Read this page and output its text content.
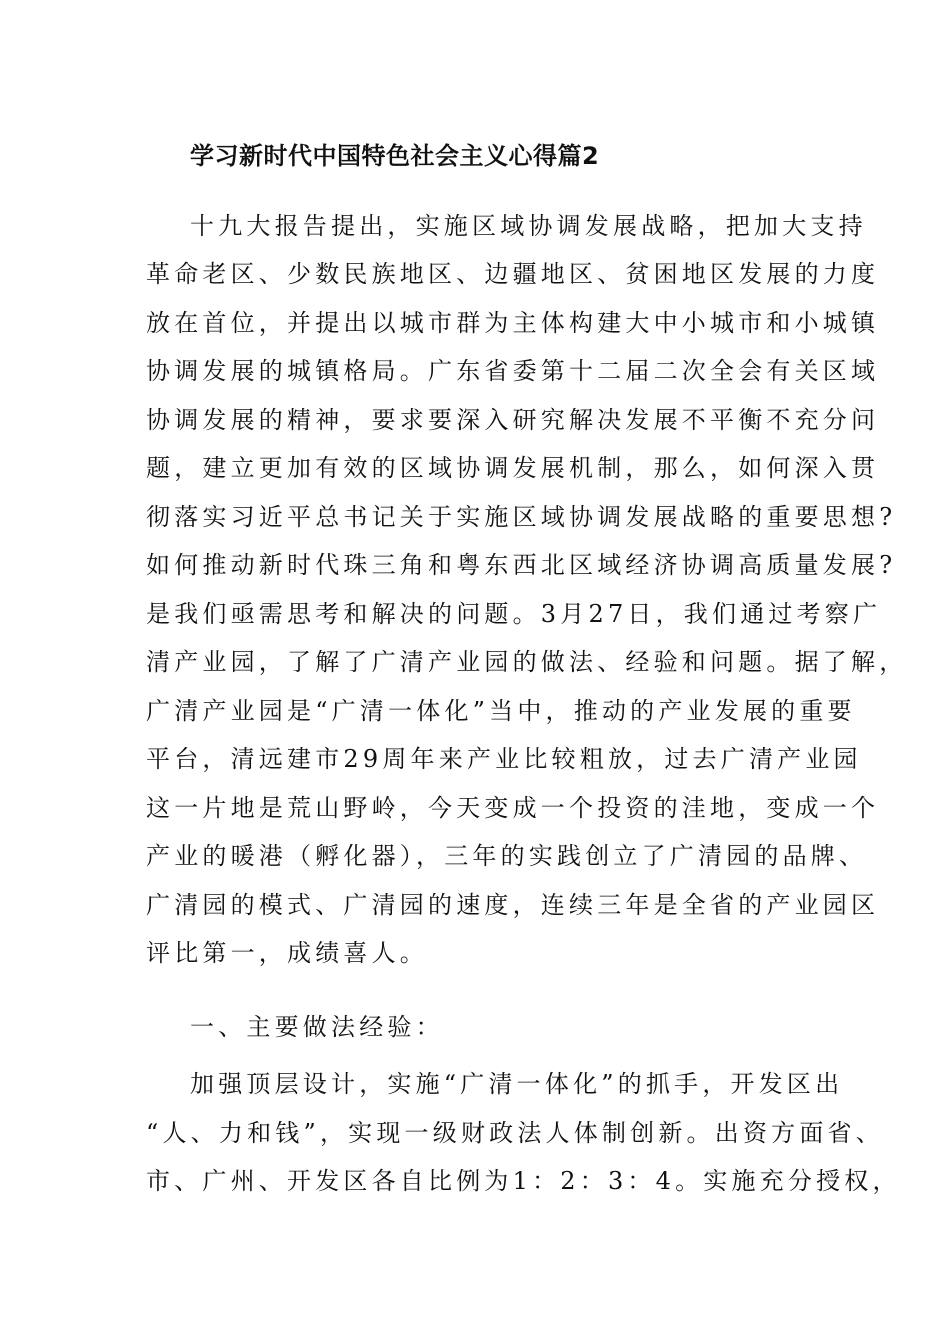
学习新时代中国特色社会主义心得篇2
十九大报告提出，实施区域协调发展战略，把加大支持
革命老区、少数民族地区、边疆地区、贫困地区发展的力度
放在首位，并提出以城市群为主体构建大中小城市和小城镇
协调发展的城镇格局。广东省委第十二届二次全会有关区域
协调发展的精神，要求要深入研究解决发展不平衡不充分问
题，建立更加有效的区域协调发展机制，那么，如何深入贯
彻落实习近平总书记关于实施区域协调发展战略的重要思想?
如何推动新时代珠三角和粤东西北区域经济协调高质量发展?
是我们亟需思考和解决的问题。3月27日，我们通过考察广
清产业园，了解了广清产业园的做法、经验和问题。据了解，
广清产业园是“广清一体化”当中，推动的产业发展的重要
平台，清远建市29周年来产业比较粗放，过去广清产业园
这一片地是荒山野岭，今天变成一个投资的洼地，变成一个
产业的暖港（孵化器），三年的实践创立了广清园的品牌、
广清园的模式、广清园的速度，连续三年是全省的产业园区
评比第一，成绩喜人。
一、主要做法经验：
加强顶层设计，实施“广清一体化”的抓手，开发区出
“人、力和钱”，实现一级财政法人体制创新。出资方面省、
市、广州、开发区各自比例为1：2：3：4。实施充分授权，
